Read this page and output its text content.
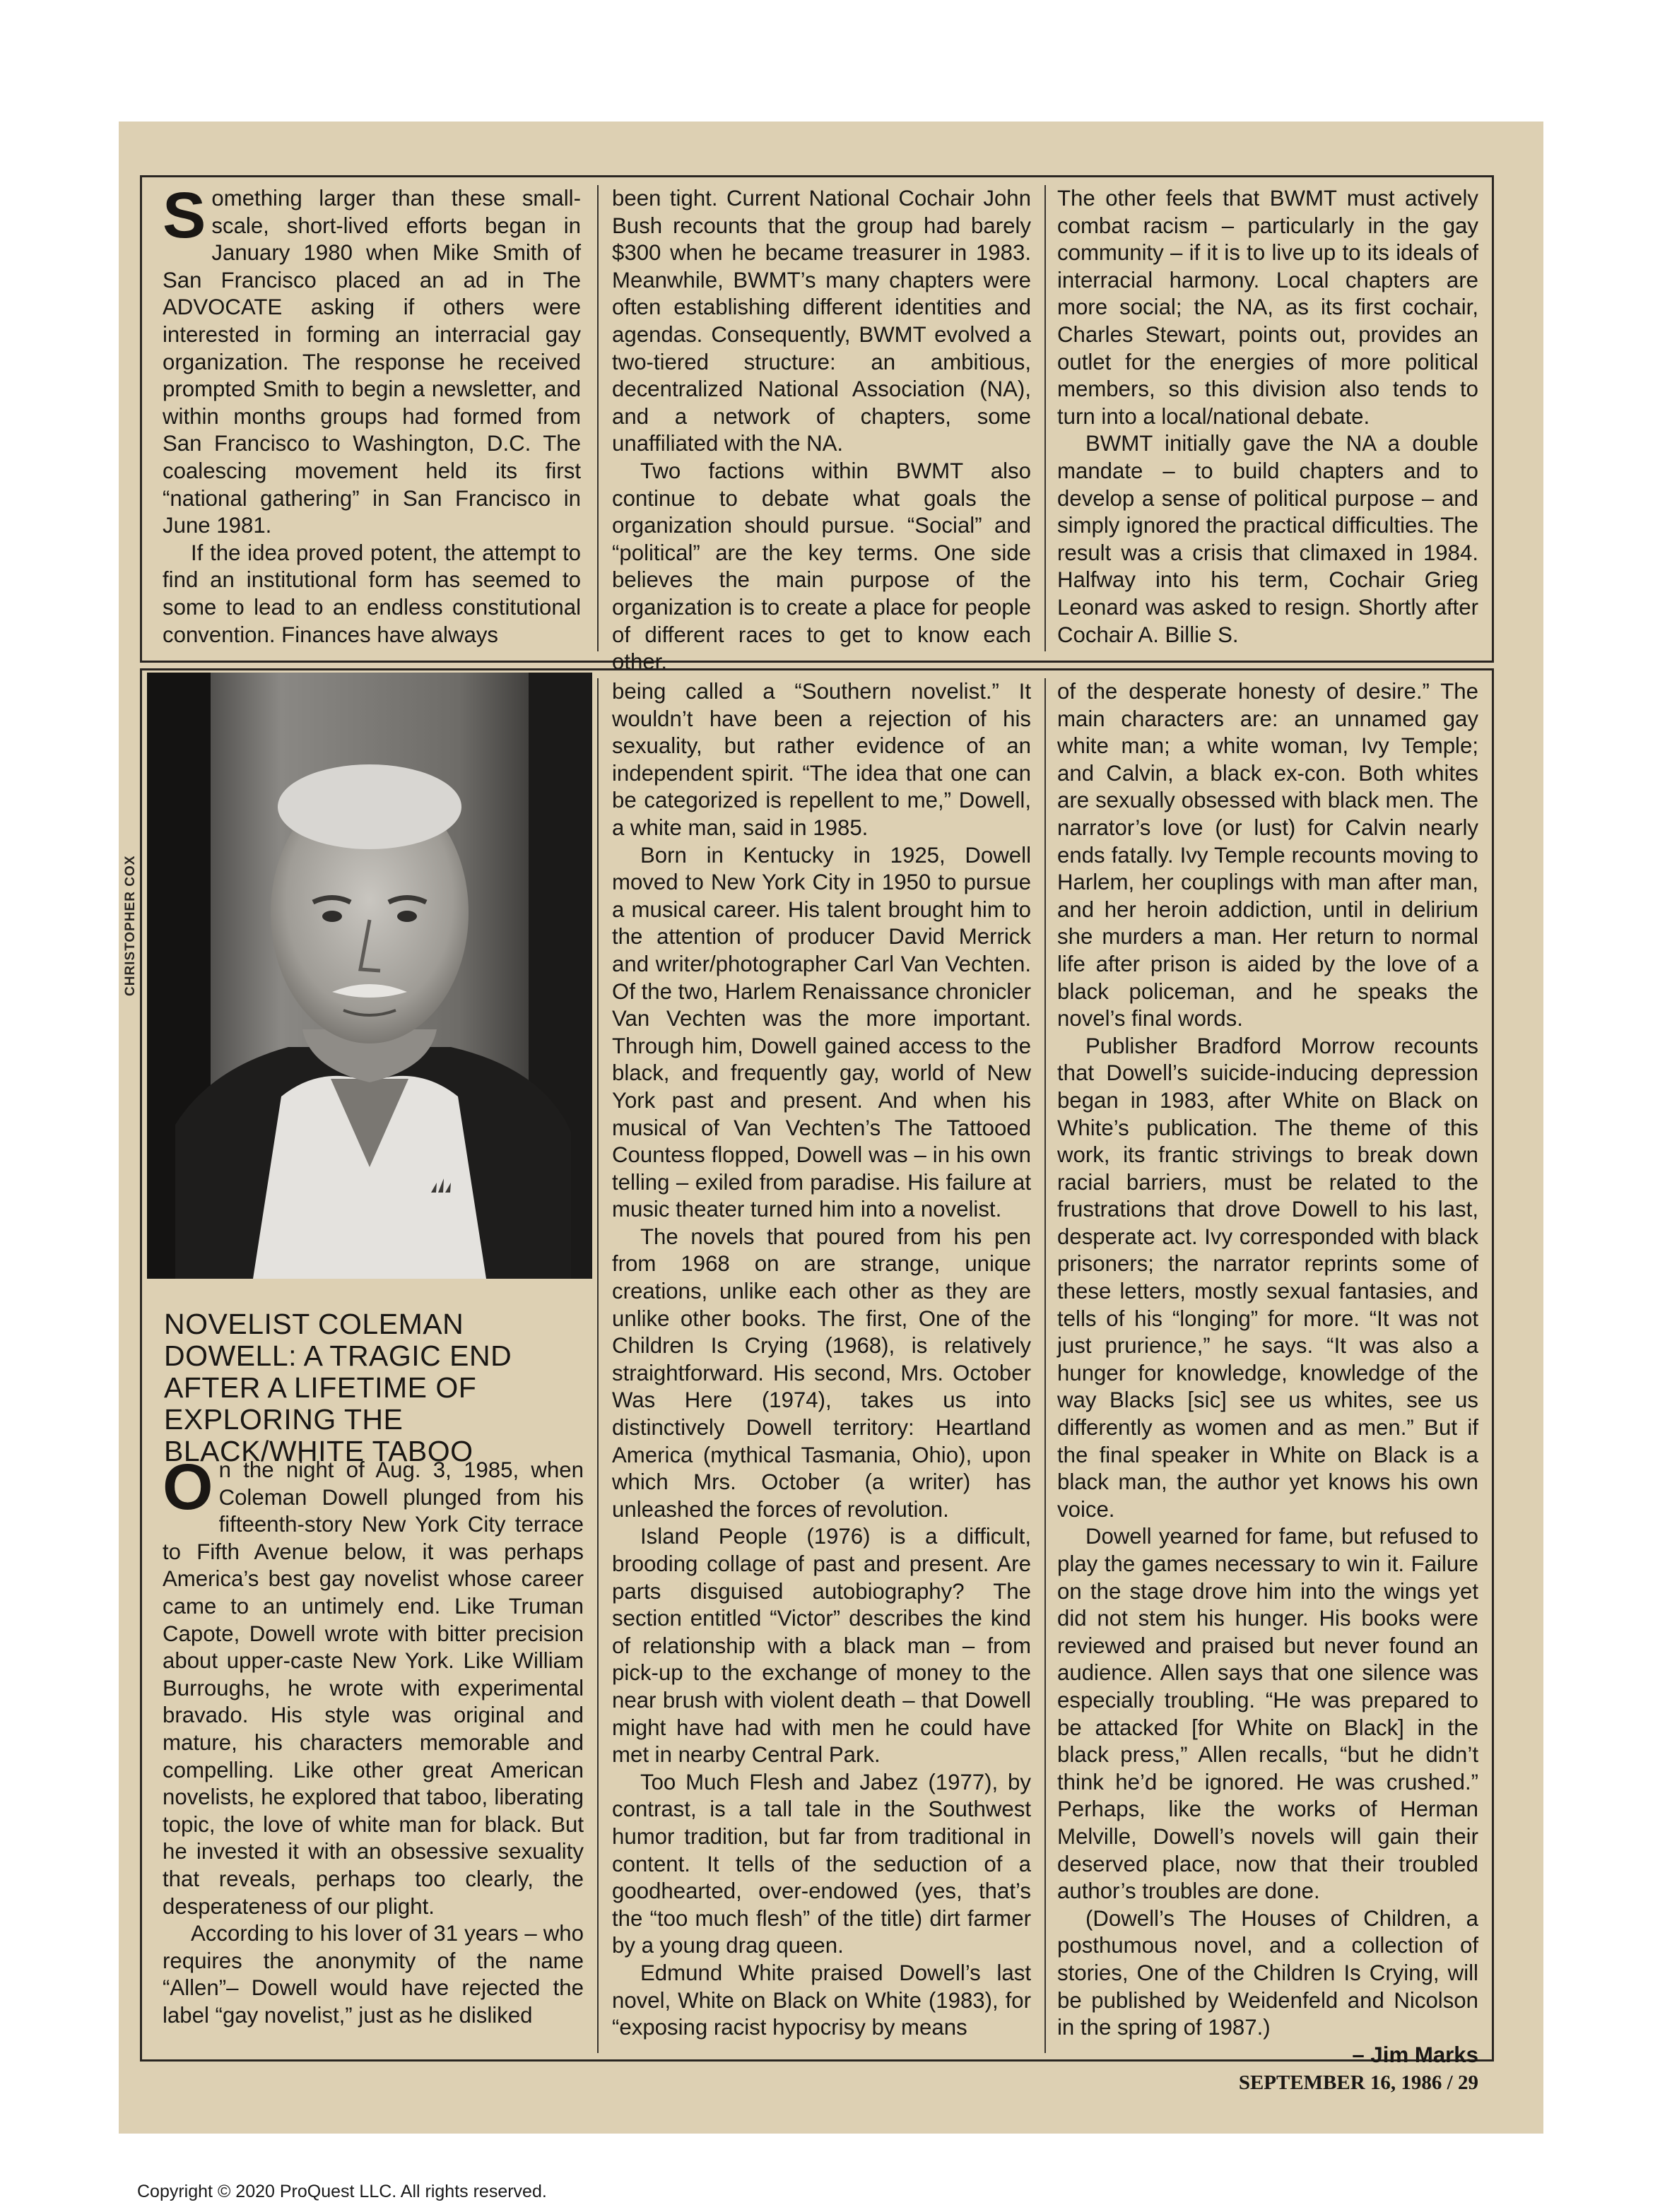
Something larger than these small-scale, short-lived efforts began in January 1980 when Mike Smith of San Francisco placed an ad in The ADVOCATE asking if others were interested in forming an interracial gay organization. The response he received prompted Smith to begin a newsletter, and within months groups had formed from San Francisco to Washington, D.C. The coalescing movement held its first “national gathering” in San Francisco in June 1981.

If the idea proved potent, the attempt to find an institutional form has seemed to some to lead to an endless constitutional convention. Finances have always

been tight. Current National Cochair John Bush recounts that the group had barely $300 when he became treasurer in 1983. Meanwhile, BWMT’s many chapters were often establishing different identities and agendas. Consequently, BWMT evolved a two-tiered structure: an ambitious, decentralized National Association (NA), and a network of chapters, some unaffiliated with the NA.

Two factions within BWMT also continue to debate what goals the organization should pursue. “Social” and “political” are the key terms. One side believes the main purpose of the organization is to create a place for people of different races to get to know each other.

The other feels that BWMT must actively combat racism – particularly in the gay community – if it is to live up to its ideals of interracial harmony. Local chapters are more social; the NA, as its first cochair, Charles Stewart, points out, provides an outlet for the energies of more political members, so this division also tends to turn into a local/national debate.

BWMT initially gave the NA a double mandate – to build chapters and to develop a sense of political purpose – and simply ignored the practical difficulties. The result was a crisis that climaxed in 1984. Halfway into his term, Cochair Grieg Leonard was asked to resign. Shortly after Cochair A. Billie S.

CHRISTOPHER COX
NOVELIST COLEMAN DOWELL: A TRAGIC END AFTER A LIFETIME OF EXPLORING THE BLACK/WHITE TABOO

On the night of Aug. 3, 1985, when Coleman Dowell plunged from his fifteenth-story New York City terrace to Fifth Avenue below, it was perhaps America’s best gay novelist whose career came to an untimely end. Like Truman Capote, Dowell wrote with bitter precision about upper-caste New York. Like William Burroughs, he wrote with experimental bravado. His style was original and mature, his characters memorable and compelling. Like other great American novelists, he explored that taboo, liberating topic, the love of white man for black. But he invested it with an obsessive sexuality that reveals, perhaps too clearly, the desperateness of our plight.

According to his lover of 31 years – who requires the anonymity of the name “Allen”– Dowell would have rejected the label “gay novelist,” just as he disliked

being called a “Southern novelist.” It wouldn’t have been a rejection of his sexuality, but rather evidence of an independent spirit. “The idea that one can be categorized is repellent to me,” Dowell, a white man, said in 1985.

Born in Kentucky in 1925, Dowell moved to New York City in 1950 to pursue a musical career. His talent brought him to the attention of producer David Merrick and writer/photographer Carl Van Vechten. Of the two, Harlem Renaissance chronicler Van Vechten was the more important. Through him, Dowell gained access to the black, and frequently gay, world of New York past and present. And when his musical of Van Vechten’s The Tattooed Countess flopped, Dowell was – in his own telling – exiled from paradise. His failure at music theater turned him into a novelist.

The novels that poured from his pen from 1968 on are strange, unique creations, unlike each other as they are unlike other books. The first, One of the Children Is Crying (1968), is relatively straightforward. His second, Mrs. October Was Here (1974), takes us into distinctively Dowell territory: Heartland America (mythical Tasmania, Ohio), upon which Mrs. October (a writer) has unleashed the forces of revolution.

Island People (1976) is a difficult, brooding collage of past and present. Are parts disguised autobiography? The section entitled “Victor” describes the kind of relationship with a black man – from pick-up to the exchange of money to the near brush with violent death – that Dowell might have had with men he could have met in nearby Central Park.

Too Much Flesh and Jabez (1977), by contrast, is a tall tale in the Southwest humor tradition, but far from traditional in content. It tells of the seduction of a goodhearted, over-endowed (yes, that’s the “too much flesh” of the title) dirt farmer by a young drag queen.

Edmund White praised Dowell’s last novel, White on Black on White (1983), for “exposing racist hypocrisy by means

of the desperate honesty of desire.” The main characters are: an unnamed gay white man; a white woman, Ivy Temple; and Calvin, a black ex-con. Both whites are sexually obsessed with black men. The narrator’s love (or lust) for Calvin nearly ends fatally. Ivy Temple recounts moving to Harlem, her couplings with man after man, and her heroin addiction, until in delirium she murders a man. Her return to normal life after prison is aided by the love of a black policeman, and he speaks the novel’s final words.

Publisher Bradford Morrow recounts that Dowell’s suicide-inducing depression began in 1983, after White on Black on White’s publication. The theme of this work, its frantic strivings to break down racial barriers, must be related to the frustrations that drove Dowell to his last, desperate act. Ivy corresponded with black prisoners; the narrator reprints some of these letters, mostly sexual fantasies, and tells of his “longing” for more. “It was not just prurience,” he says. “It was also a hunger for knowledge, knowledge of the way Blacks [sic] see us whites, see us differently as women and as men.” But if the final speaker in White on Black is a black man, the author yet knows his own voice.

Dowell yearned for fame, but refused to play the games necessary to win it. Failure on the stage drove him into the wings yet did not stem his hunger. His books were reviewed and praised but never found an audience. Allen says that one silence was especially troubling. “He was prepared to be attacked [for White on Black] in the black press,” Allen recalls, “but he didn’t think he’d be ignored. He was crushed.” Perhaps, like the works of Herman Melville, Dowell’s novels will gain their deserved place, now that their troubled author’s troubles are done.

(Dowell’s The Houses of Children, a posthumous novel, and a collection of stories, One of the Children Is Crying, will be published by Weidenfeld and Nicolson in the spring of 1987.)

– Jim Marks

SEPTEMBER 16, 1986 / 29
Copyright © 2020 ProQuest LLC. All rights reserved.
